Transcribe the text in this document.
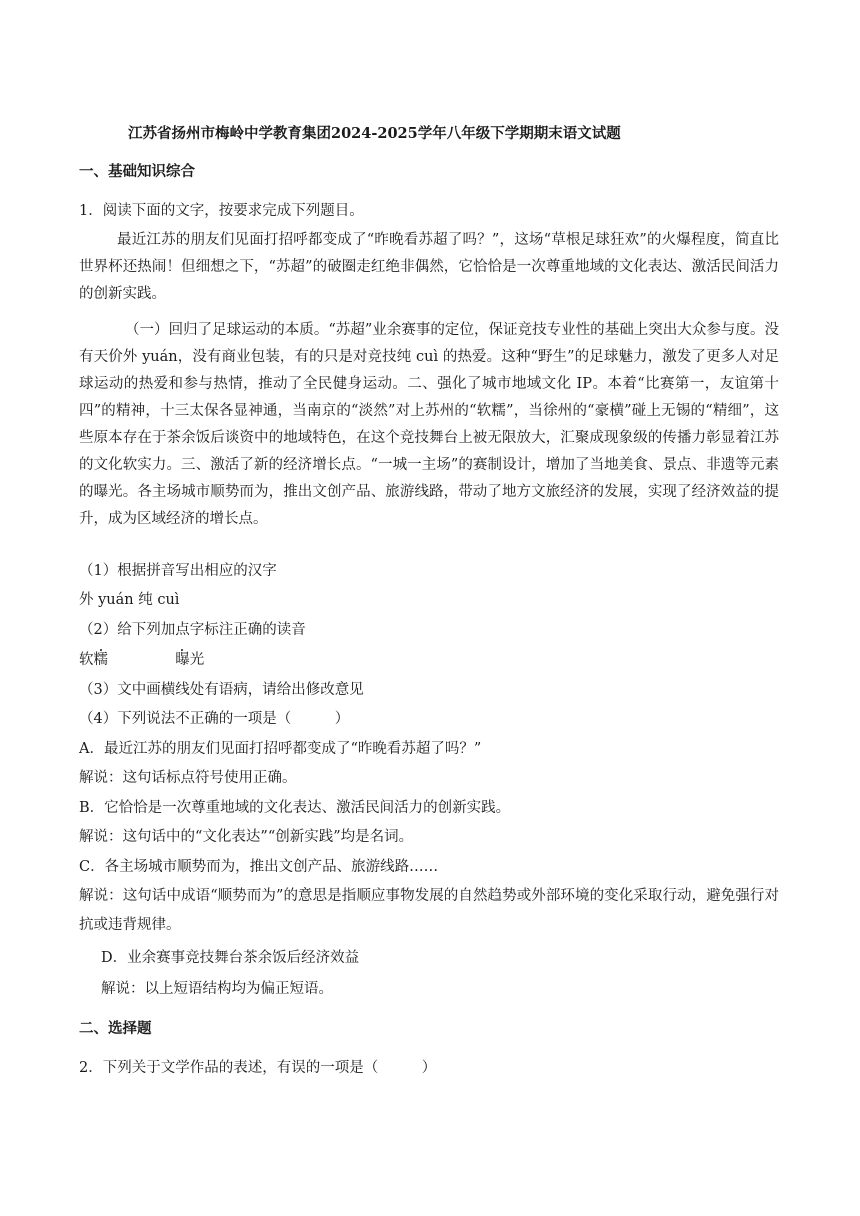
江苏省扬州市梅岭中学教育集团2024-2025学年八年级下学期期末语文试题
一、基础知识综合
1．阅读下面的文字，按要求完成下列题目。
最近江苏的朋友们见面打招呼都变成了“昨晚看苏超了吗？”，这场“草根足球狂欢”的火爆程度，简直比世界杯还热闹！但细想之下，“苏超”的破圈走红绝非偶然，它恰恰是一次尊重地域的文化表达、激活民间活力的创新实践。
（一）回归了足球运动的本质。“苏超”业余赛事的定位，保证竞技专业性的基础上突出大众参与度。没有天价外 yuán，没有商业包装，有的只是对竞技纯 cuì 的热爱。这种“野生”的足球魅力，激发了更多人对足球运动的热爱和参与热情，推动了全民健身运动。二、强化了城市地域文化 IP。本着“比赛第一，友谊第十四”的精神，十三太保各显神通，当南京的“淡然”对上苏州的“软糯”，当徐州的“豪横”碰上无锡的“精细”，这些原本存在于茶余饭后谈资中的地域特色，在这个竞技舞台上被无限放大，汇聚成现象级的传播力彰显着江苏的文化软实力。三、激活了新的经济增长点。“一城一主场”的赛制设计，增加了当地美食、景点、非遗等元素的曝光。各主场城市顺势而为，推出文创产品、旅游线路，带动了地方文旅经济的发展，实现了经济效益的提升，成为区域经济的增长点。
（1）根据拼音写出相应的汉字
外 yuán 纯 cuì
（2）给下列加点字标注正确的读音
软糯	曝光
（3）文中画横线处有语病，请给出修改意见
（4）下列说法不正确的一项是（　　　）
A．最近江苏的朋友们见面打招呼都变成了“昨晚看苏超了吗？”
解说：这句话标点符号使用正确。
B．它恰恰是一次尊重地域的文化表达、激活民间活力的创新实践。
解说：这句话中的“文化表达”“创新实践”均是名词。
C．各主场城市顺势而为，推出文创产品、旅游线路……
解说：这句话中成语“顺势而为”的意思是指顺应事物发展的自然趋势或外部环境的变化采取行动，避免强行对抗或违背规律。
D．业余赛事竞技舞台茶余饭后经济效益
解说：以上短语结构均为偏正短语。
二、选择题
2．下列关于文学作品的表述，有误的一项是（　　　）
